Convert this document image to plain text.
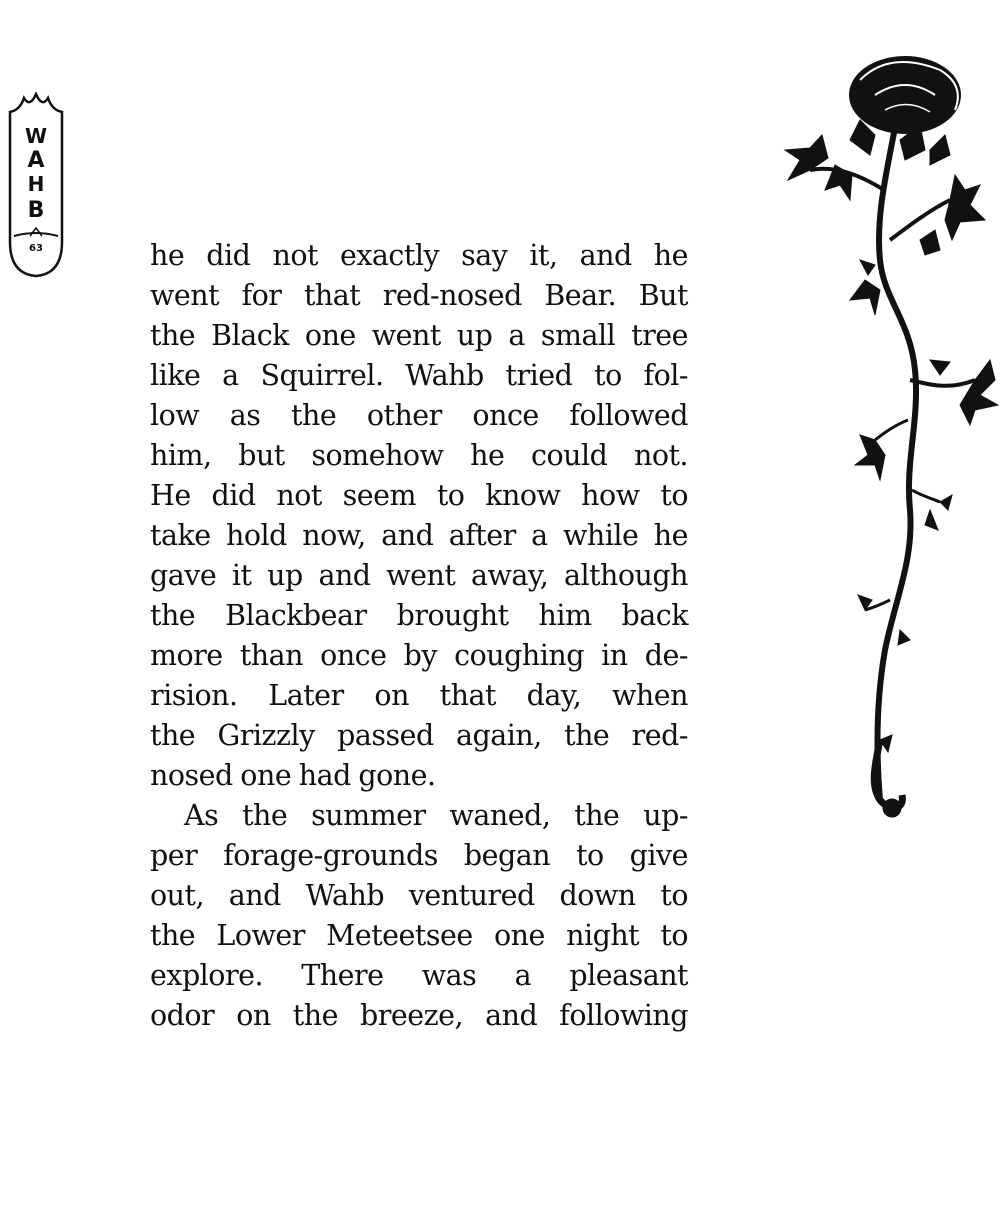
W
A
H
B
63	he did not exactly say it, and he
went for that red-nosed Bear. But
the Black one went up a small tree
like a Squirrel. Wahb tried to fol-
low as the other once followed
him, but somehow he could not.
He did not seem to know how to
take hold now, and after a while he
gave it up and went away, although
the Blackbear brought him back
more than once by coughing in de-
rision. Later on that day, when
the Grizzly passed again, the red-
nosed one had gone.
As the summer waned, the up-
per forage-grounds began to give
out, and Wahb ventured down to
the Lower Meteetsee one night to
explore. There was a pleasant
odor on the breeze, and following
